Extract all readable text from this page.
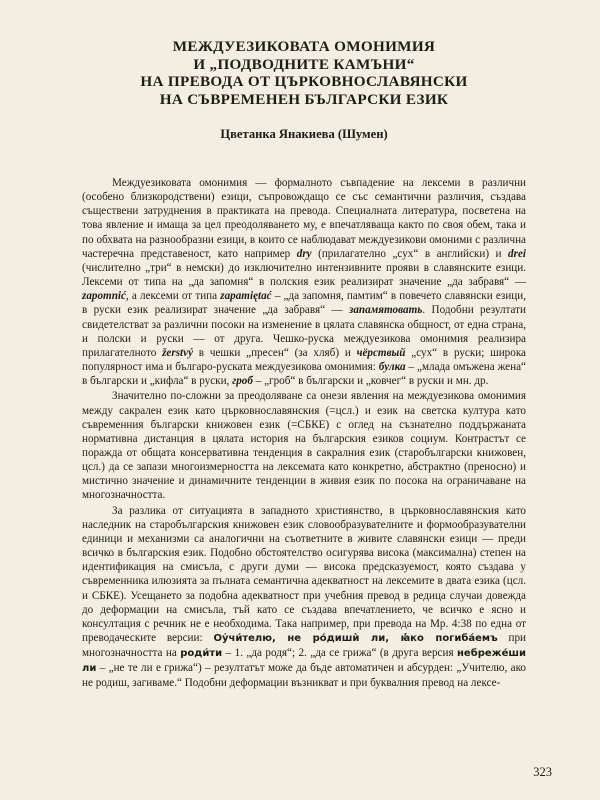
МЕЖДУЕЗИКОВАТА ОМОНИМИЯ
И „ПОДВОДНИТЕ КАМЪНИ“
НА ПРЕВОДА ОТ ЦЪРКОВНОСЛАВЯНСКИ
НА СЪВРЕМЕНЕН БЪЛГАРСКИ ЕЗИК
Цветанка Янакиева (Шумен)

Междуезиковата омонимия — формалното съвпадение на лексеми в различни (особено близкородствени) езици, съпровождащо се със семантични различия, създава съществени затруднения в практиката на превода. Специалната литература, посветена на това явление и имаща за цел преодоляването му, е впечатляваща както по своя обем, така и по обхвата на разнообразни езици, в които се наблюдават междуезикови омоними с различна частеречна представеност, като например dry (прилагателно „сух“ в английски) и drei (числително „три“ в немски) до изключително интензивните прояви в славянските езици. Лексеми от типа на „да запомня“ в полския език реализират значение „да забравя“ — zapomnić, а лексеми от типа zapamiętać – „да запомня, памтим“ в повечето славянски езици, в руски език реализират значение „да забравя“ — запамятовать. Подобни резултати свидетелстват за различни посоки на изменение в цялата славянска общност, от една страна, и полски и руски — от друга. Чешко-руска междуезикова омонимия реализира прилагателното žerstvý в чешки „пресен“ (за хляб) и чёрствый „сух“ в руски; широка популярност има и българо-руската междуезикова омонимия: булка – „млада омъжена жена“ в български и „кифла“ в руски, гроб – „гроб“ в български и „ковчег“ в руски и мн. др.

Значително по-сложни за преодоляване са онези явления на междуезикова омонимия между сакрален език като църковнославянския (=цсл.) и език на светска култура като съвременния български книжовен език (=СБКЕ) с оглед на съзнателно поддържаната нормативна дистанция в цялата история на българския езиков социум. Контрастът се поражда от общата консервативна тенденция в сакралния език (старобългарски книжовен, цсл.) да се запази многоизмерността на лексемата като конкретно, абстрактно (преносно) и мистично значение и динамичните тенденции в живия език по посока на ограничаване на многозначността.

За разлика от ситуацията в западното християнство, в църковнославянския като наследник на старобългарския книжовен език словообразувателните и формообразувателни единици и механизми са аналогични на съответните в живите славянски езици — преди всичко в българския език. Подобно обстоятелство осигурява висока (максимална) степен на идентификация на смисъла, с други думи — висока предсказуемост, която създава у съвременника илюзията за пълната семантична адекватност на лексемите в двата езика (цсл. и СБКЕ). Усещането за подобна адекватност при учебния превод в редица случаи довежда до деформации на смисъла, тъй като се създава впечатлението, че всичко е ясно и консултация с речник не е необходима. Така например, при превода на Мр. 4:38 по една от преводаческите версии: Оу҆чи́телю, не ро́дишѝ ли, ꙗ҆́ко погиба́емъ при многозначността на роди́ти – 1. „да родя“; 2. „да се грижа“ (в друга версия небреже́ши ли – „не те ли е грижа“) – резултатът може да бъде автоматичен и абсурден: „Учителю, ако не родиш, загиваме.“ Подобни деформации възникват и при буквалния превод на лексе-

323
